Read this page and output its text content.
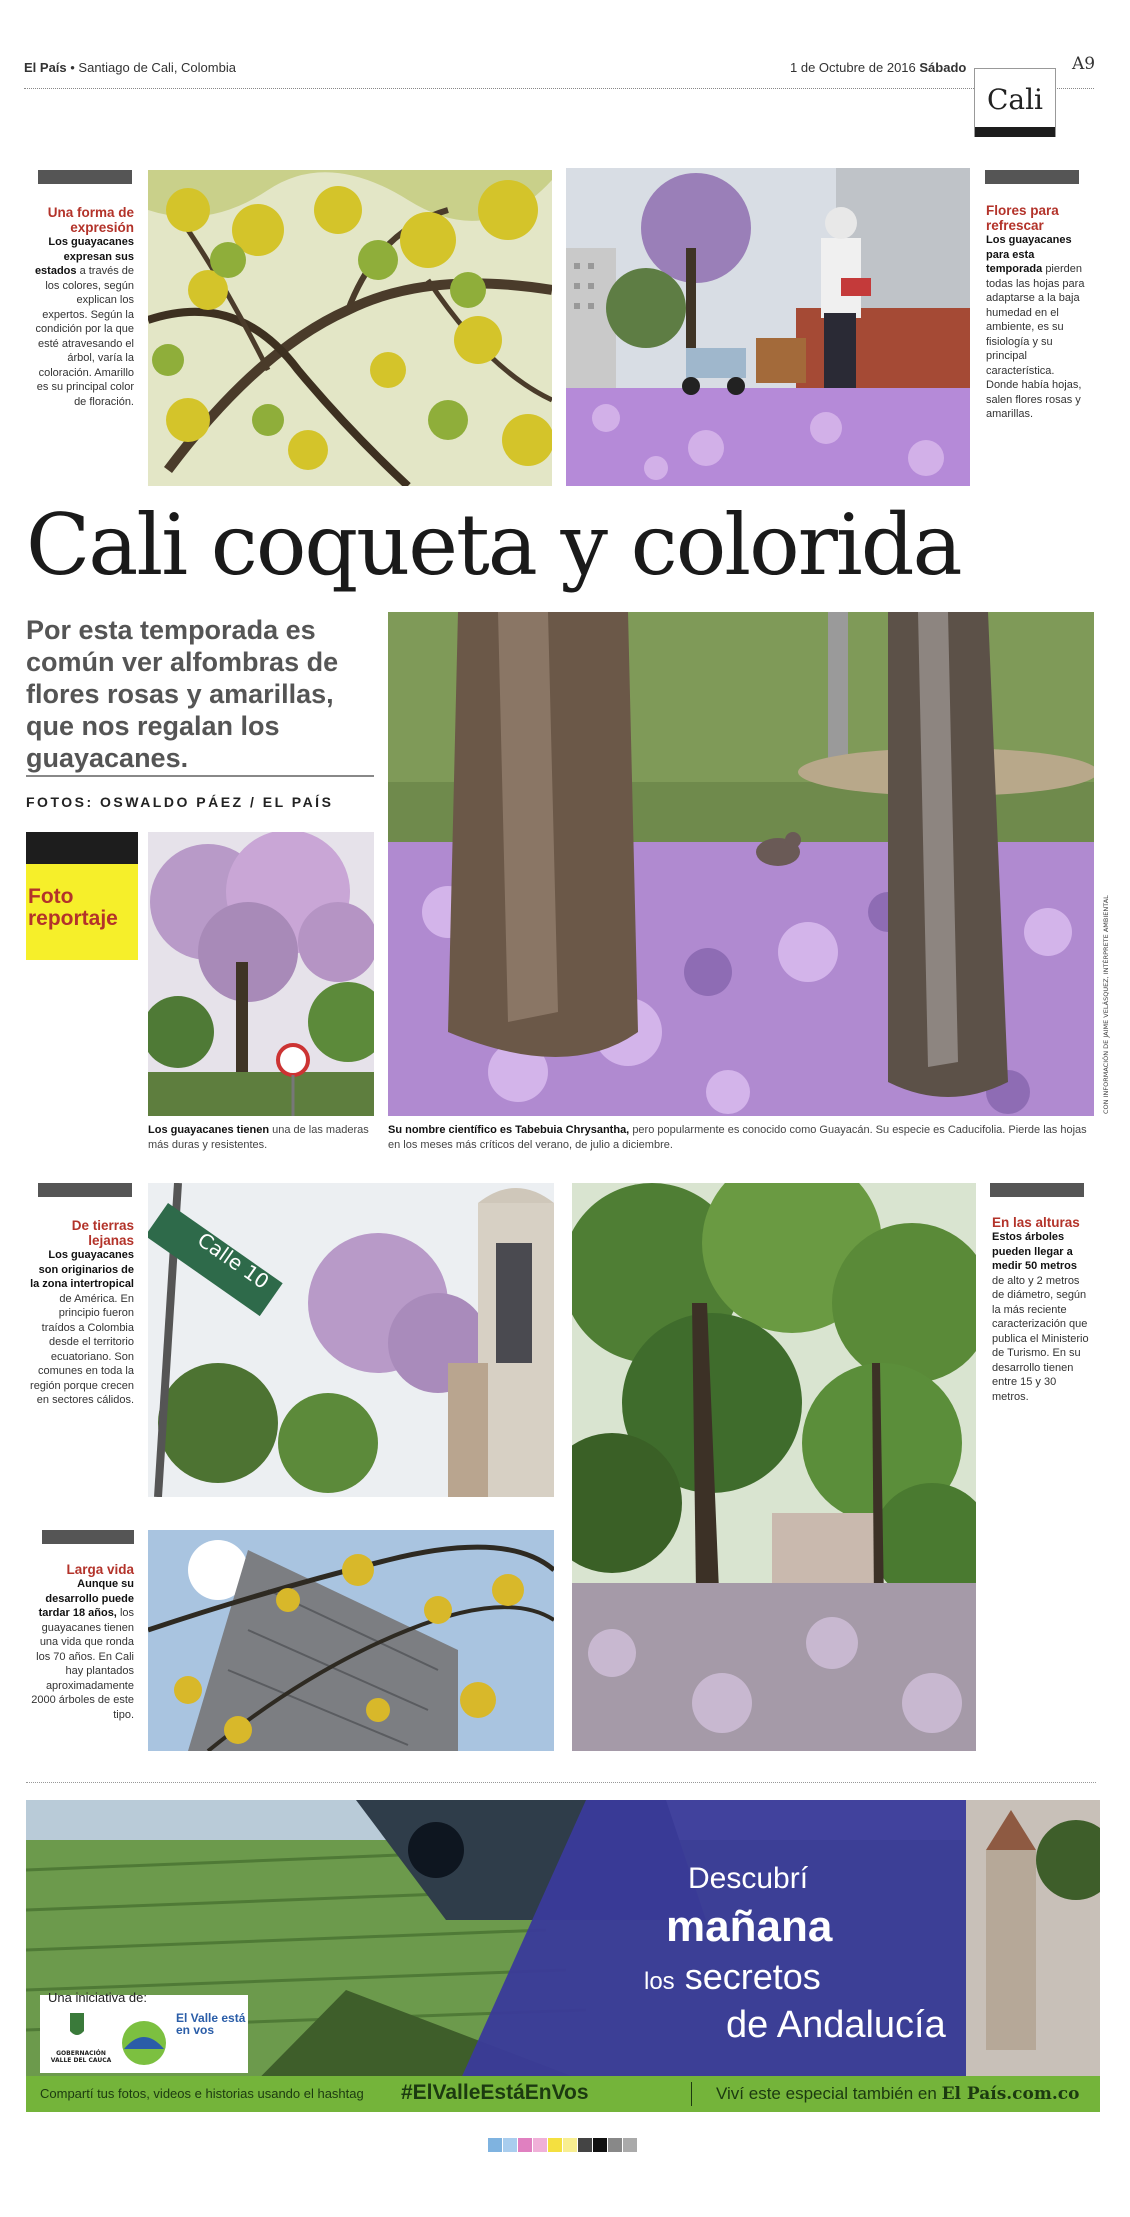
El País • Santiago de Cali, Colombia	1 de Octubre de 2016 Sábado	A9
Cali
Una forma de expresión
Los guayacanes expresan sus estados a través de los colores, según explican los expertos. Según la condición por la que esté atravesando el árbol, varía la coloración. Amarillo es su principal color de floración.
Flores para refrescar
Los guayacanes para esta temporada pierden todas las hojas para adaptarse a la baja humedad en el ambiente, es su fisiología y su principal característica. Donde había hojas, salen flores rosas y amarillas.
Cali coqueta y colorida
Por esta temporada es común ver alfombras de flores rosas y amarillas, que nos regalan los guayacanes.
FOTOS: OSWALDO PÁEZ / EL PAÍS
Foto reportaje
Los guayacanes tienen una de las maderas más duras y resistentes.
Su nombre científico es Tabebuia Chrysantha, pero popularmente es conocido como Guayacán. Su especie es Caducifolia. Pierde las hojas en los meses más críticos del verano, de julio a diciembre.
CON INFORMACIÓN DE JAIME VELÁSQUEZ, INTÉRPRETE AMBIENTAL
De tierras lejanas
Los guayacanes son originarios de la zona intertropical de América. En principio fueron traídos a Colombia desde el territorio ecuatoriano. Son comunes en toda la región porque crecen en sectores cálidos.
Calle 10
En las alturas
Estos árboles pueden llegar a medir 50 metros de alto y 2 metros de diámetro, según la más reciente caracterización que publica el Ministerio de Turismo. En su desarrollo tienen entre 15 y 30 metros.
Larga vida
Aunque su desarrollo puede tardar 18 años, los guayacanes tienen una vida que ronda los 70 años. En Cali hay plantados aproximadamente 2000 árboles de este tipo.
Descubrí
mañana
los secretos
de Andalucía
Una iniciativa de:
GOBERNACIÓN VALLE DEL CAUCA
El Valle está en vos
Compartí tus fotos, videos e historias usando el hashtag #ElValleEstáEnVos	Viví este especial también en El País.com.co
